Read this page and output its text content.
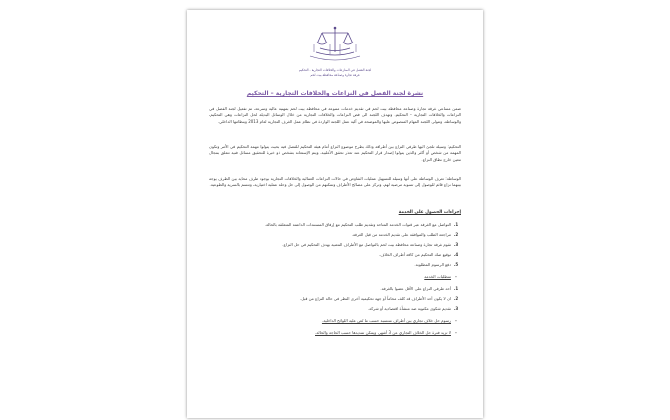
لجنة الفصل في المنازعات والخلافات التجارية - التحكيم
غرفة تجارة وصناعة محافظة بيت لحم
نشرة لجنة الفصل في النزاعات والخلافات التجارية – التحكيم
ضمن مساعي غرفة تجارة وصناعة محافظة بيت لحم في تقديم خدمات متنوعة في محافظة بيت لحم بمهنية عالية وسرعة، تم تفعيل لجنة الفصل في النزاعات والخلافات التجارية – التحكيم. وتهدف اللجنة الى فض النزاعات والخلافات التجارية من خلال الوسائل البديلة لحل النزاعات وهي التحكيم، والوساطة، وتتولى اللجنة المهام المنصوص عليها والموضحة في آلية عمل اللجنة الواردة في نظام عمل الغرف التجارية لعام 2013 وبنظامها الداخلي.
التحكيم: وسيلة تلجئ اليها طرفي النزاع بين أطرافه وذلك بطرح موضوع النزاع أمام هيئة التحكيم للفصل فيه بحيث يتولوا مهمة التحكيم في الأمر وتكون المهمة من شخص أو أكثر والذين يتولوا إصدار قرار التحكيم عند تعذر تحقق الأغلبية، ويتم الإستعانة بشخص ذو خبرة للتحقيق مسائل فنية تتعلق بمجال معين خارج نطاق النزاع.
الوساطة: تعرف الوساطة على أنها وسيلة للتسهيل عمليات التفاوض في حالات النزاعات العمالية والخلافات التجارية بوجود طرف محايد بين الطرف يوجه بينهما نزاع قائم للوصول إلى تسوية مرضية لهم، وتركز على مصالح الأطراف وتمكنهم من الوصول إلى حل وحلة عملية اختيارية، وتتسم بالسرية والطوعية.
إجراءات الحصول على الخدمة
1.التواصل مع الغرفة عبر قنوات الخدمة المتاحة وتقديم طلب التحكيم مع إرفاق المستندات الداعمة المتعلقة بالحالة.
2.مراجعة الطلب والموافقة على تقديم الخدمة من قبل الغرفة.
3.تقوم غرفة تجارة وصناعة محافظة بيت لحم بالتواصل مع الأطراف المعنية بهدف التحكيم في حل النزاع.
4.توقيع صك التحكيم من كافة أطراف الخلاف.
5.دفع الرسوم المطلوبة.
-متطلبات الخدمة
1.أحد طرفي النزاع على الأقل عضوا بالغرفة.
2.ان لا يكون أحد الأطراف قد كلف محاماً أو جهة تحكيمية أخرى النظر في حالة النزاع من قبل.
3.تقديم شكوى مكتوبة ضد منشأة اقتصادية أو شركة.
-رسوم حل خلاف تجاري بين أطراف منتسبة حسب ما نُص عليه اللوائح الداخلية.
-لا تزيد فترة حل الخلاف التجاري عن 3 أشهر، ويمكن تمديدها حسب الحاجة والحالة.
